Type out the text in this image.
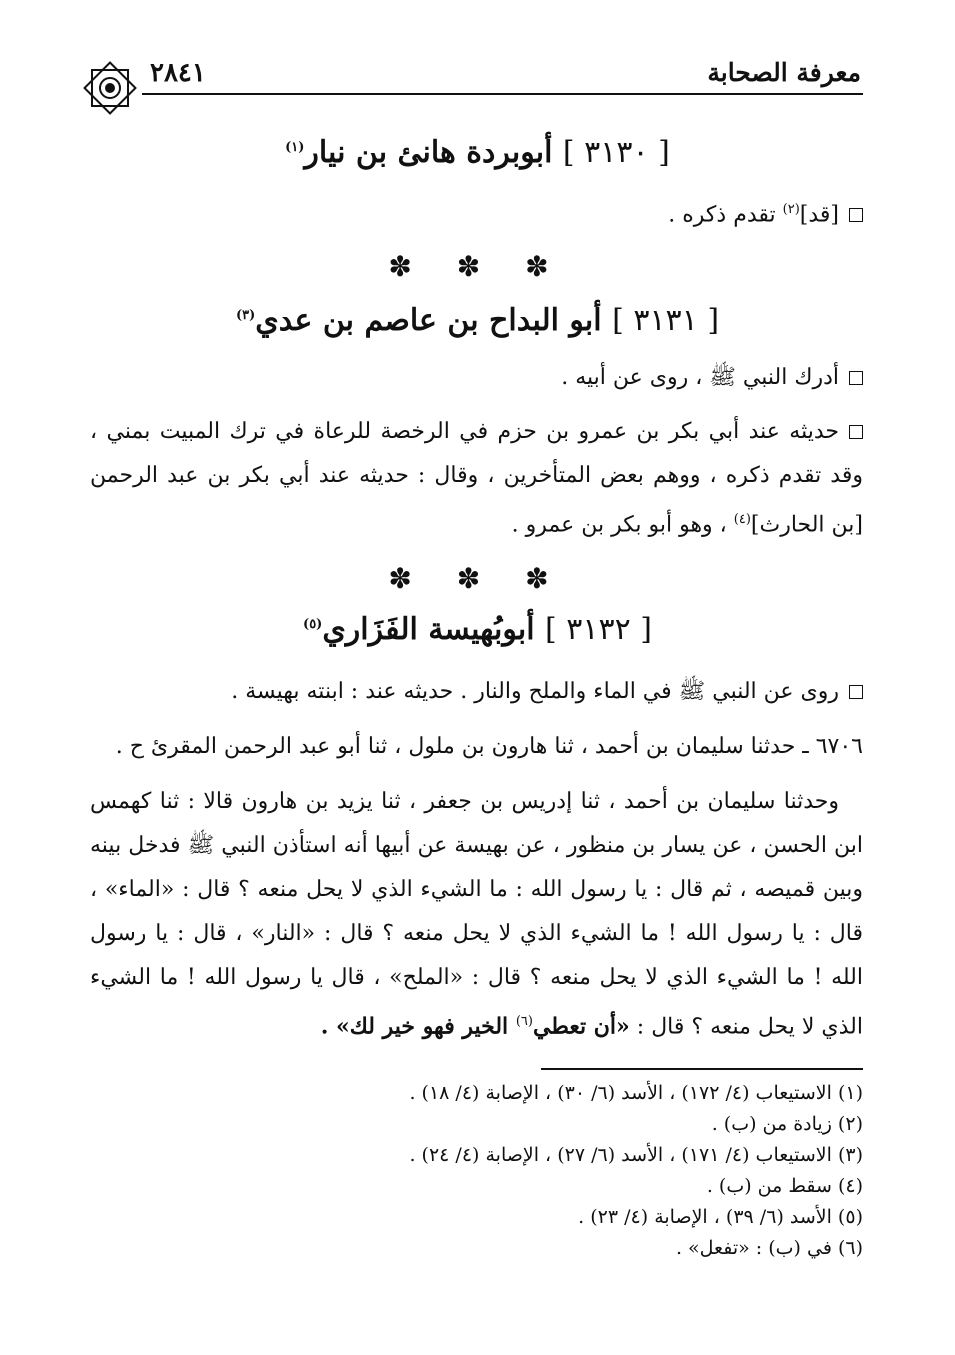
معرفة الصحابة
٢٨٤١
[ ٣١٣٠ ] أبوبردة هانئ بن نيار$^{(١)}$
[قد]$^{(٢)}$ تقدم ذكره .
✽ ✽ ✽
[ ٣١٣١ ] أبو البداح بن عاصم بن عدي$^{(٣)}$
أدرك النبي ﷺ ، روى عن أبيه .
حديثه عند أبي بكر بن عمرو بن حزم في الرخصة للرعاة في ترك المبيت بمني ، وقد تقدم ذكره ، ووهم بعض المتأخرين ، وقال : حديثه عند أبي بكر بن عبد الرحمن [بن الحارث]$^{(٤)}$ ، وهو أبو بكر بن عمرو .
✽ ✽ ✽
[ ٣١٣٢ ] أبوبُهيسة الفَزَاري$^{(٥)}$
روى عن النبي ﷺ في الماء والملح والنار . حديثه عند : ابنته بهيسة .
٦٧٠٦ ـ حدثنا سليمان بن أحمد ، ثنا هارون بن ملول ، ثنا أبو عبد الرحمن المقرئ ح .
وحدثنا سليمان بن أحمد ، ثنا إدريس بن جعفر ، ثنا يزيد بن هارون قالا : ثنا كهمس ابن الحسن ، عن يسار بن منظور ، عن بهيسة عن أبيها أنه استأذن النبي ﷺ فدخل بينه وبين قميصه ، ثم قال : يا رسول الله : ما الشيء الذي لا يحل منعه ؟ قال : «الماء» ، قال : يا رسول الله ! ما الشيء الذي لا يحل منعه ؟ قال : «النار» ، قال : يا رسول الله ! ما الشيء الذي لا يحل منعه ؟ قال : «الملح» ، قال يا رسول الله ! ما الشيء الذي لا يحل منعه ؟ قال : «أن تعطي$^{(٦)}$ الخير فهو خير لك» .
(١) الاستيعاب (٤/ ١٧٢) ، الأسد (٦/ ٣٠) ، الإصابة (٤/ ١٨) .
(٢) زيادة من (ب) .
(٣) الاستيعاب (٤/ ١٧١) ، الأسد (٦/ ٢٧) ، الإصابة (٤/ ٢٤) .
(٤) سقط من (ب) .
(٥) الأسد (٦/ ٣٩) ، الإصابة (٤/ ٢٣) .
(٦) في (ب) : «تفعل» .
